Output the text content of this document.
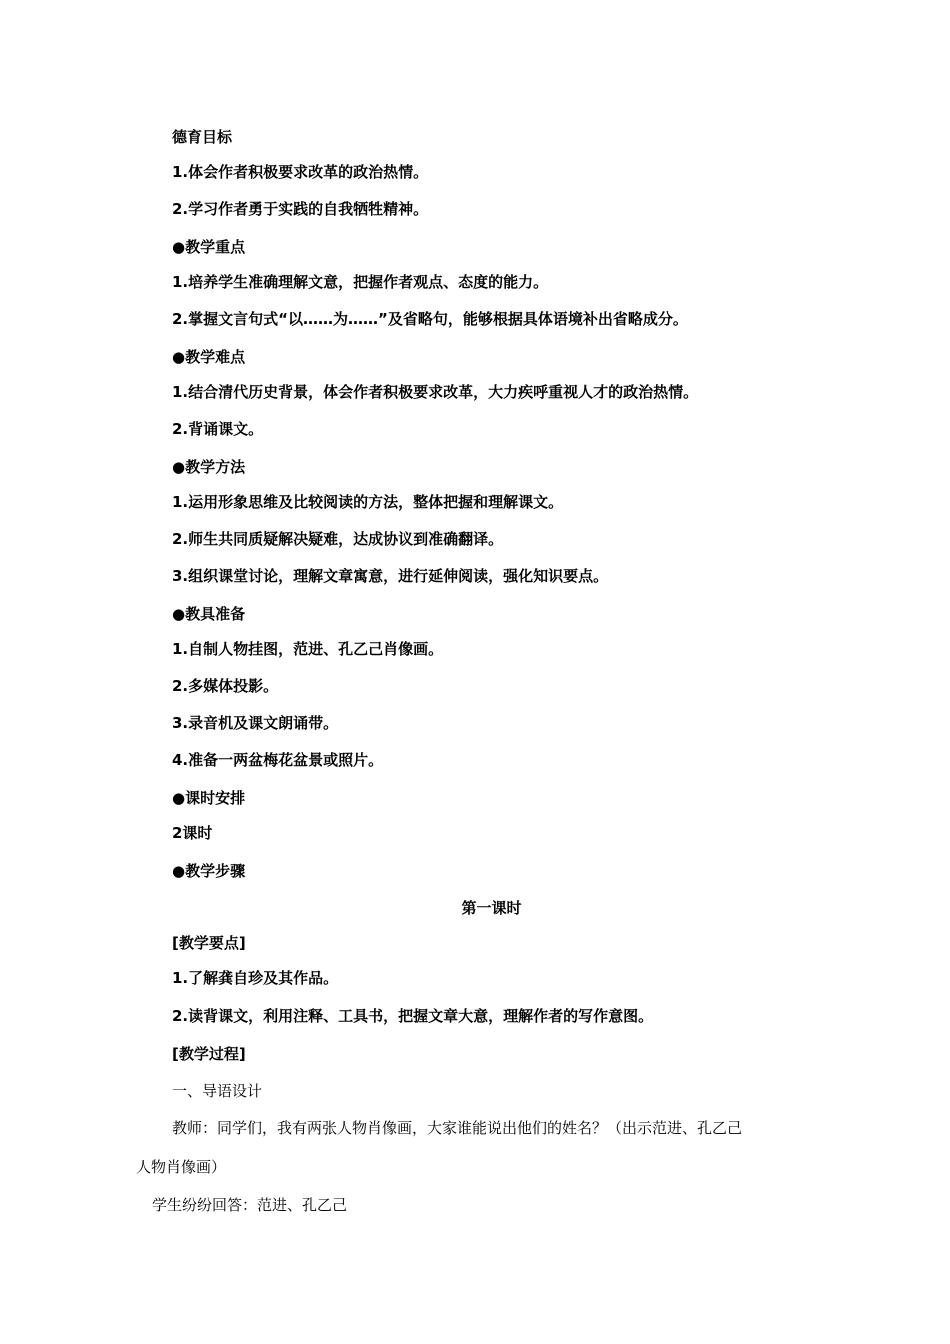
德育目标
1.体会作者积极要求改革的政治热情。
2.学习作者勇于实践的自我牺牲精神。
●教学重点
1.培养学生准确理解文意，把握作者观点、态度的能力。
2.掌握文言句式“以……为……”及省略句，能够根据具体语境补出省略成分。
●教学难点
1.结合清代历史背景，体会作者积极要求改革，大力疾呼重视人才的政治热情。
2.背诵课文。
●教学方法
1.运用形象思维及比较阅读的方法，整体把握和理解课文。
2.师生共同质疑解决疑难，达成协议到准确翻译。
3.组织课堂讨论，理解文章寓意，进行延伸阅读，强化知识要点。
●教具准备
1.自制人物挂图，范进、孔乙己肖像画。
2.多媒体投影。
3.录音机及课文朗诵带。
4.准备一两盆梅花盆景或照片。
●课时安排
2课时
●教学步骤
第一课时
[教学要点]
1.了解龚自珍及其作品。
2.读背课文，利用注释、工具书，把握文章大意，理解作者的写作意图。
[教学过程]
一、导语设计
教师：同学们，我有两张人物肖像画，大家谁能说出他们的姓名？（出示范进、孔乙己
人物肖像画）
学生纷纷回答：范进、孔乙己
